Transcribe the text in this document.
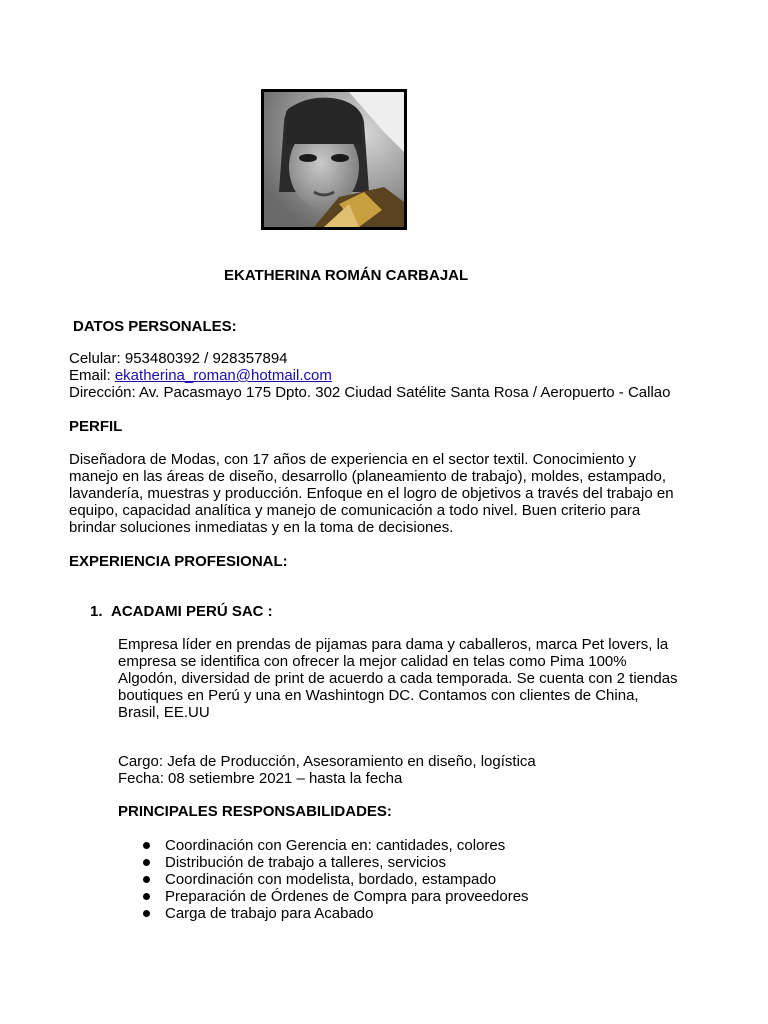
EKATHERINA ROMÁN CARBAJAL
DATOS PERSONALES:
Celular: 953480392 / 928357894
Email: ekatherina_roman@hotmail.com
Dirección: Av. Pacasmayo 175 Dpto. 302 Ciudad Satélite Santa Rosa / Aeropuerto - Callao
PERFIL
Diseñadora de Modas, con 17 años de experiencia en el sector textil. Conocimiento y
manejo en las áreas de diseño, desarrollo (planeamiento de trabajo), moldes, estampado,
lavandería, muestras y producción. Enfoque en el logro de objetivos a través del trabajo en
equipo, capacidad analítica y manejo de comunicación a todo nivel. Buen criterio para
brindar soluciones inmediatas y en la toma de decisiones.
EXPERIENCIA PROFESIONAL:
1. ACADAMI PERÚ SAC :
Empresa líder en prendas de pijamas para dama y caballeros, marca Pet lovers, la
empresa se identifica con ofrecer la mejor calidad en telas como Pima 100%
Algodón, diversidad de print de acuerdo a cada temporada. Se cuenta con 2 tiendas
boutiques en Perú y una en Washintogn DC. Contamos con clientes de China,
Brasil, EE.UU
Cargo: Jefa de Producción, Asesoramiento en diseño, logística
Fecha: 08 setiembre 2021 – hasta la fecha
PRINCIPALES RESPONSABILIDADES:
Coordinación con Gerencia en: cantidades, colores
Distribución de trabajo a talleres, servicios
Coordinación con modelista, bordado, estampado
Preparación de Órdenes de Compra para proveedores
Carga de trabajo para Acabado
